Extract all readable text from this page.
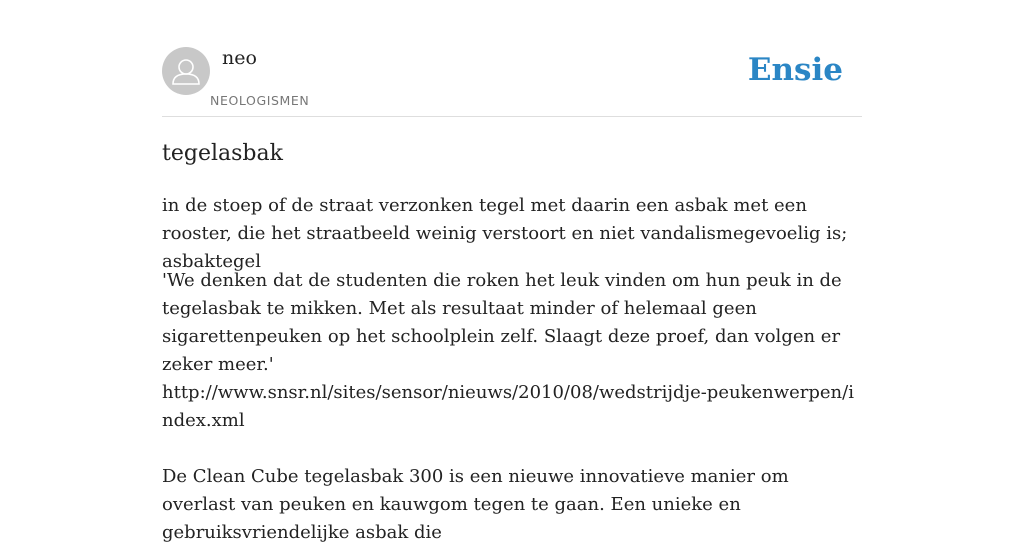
neo
NEOLOGISMEN
Ensie
tegelasbak

in de stoep of de straat verzonken tegel met daarin een asbak met een rooster, die het straatbeeld weinig verstoort en niet vandalismegevoelig is; asbaktegel

'We denken dat de studenten die roken het leuk vinden om hun peuk in de tegelasbak te mikken. Met als resultaat minder of helemaal geen sigarettenpeuken op het schoolplein zelf. Slaagt deze proef, dan volgen er zeker meer.'
http://www.snsr.nl/sites/sensor/nieuws/2010/08/wedstrijdje-peukenwerpen/index.xml

De Clean Cube tegelasbak 300 is een nieuwe innovatieve manier om overlast van peuken en kauwgom tegen te gaan. Een unieke en gebruiksvriendelijke asbak die
